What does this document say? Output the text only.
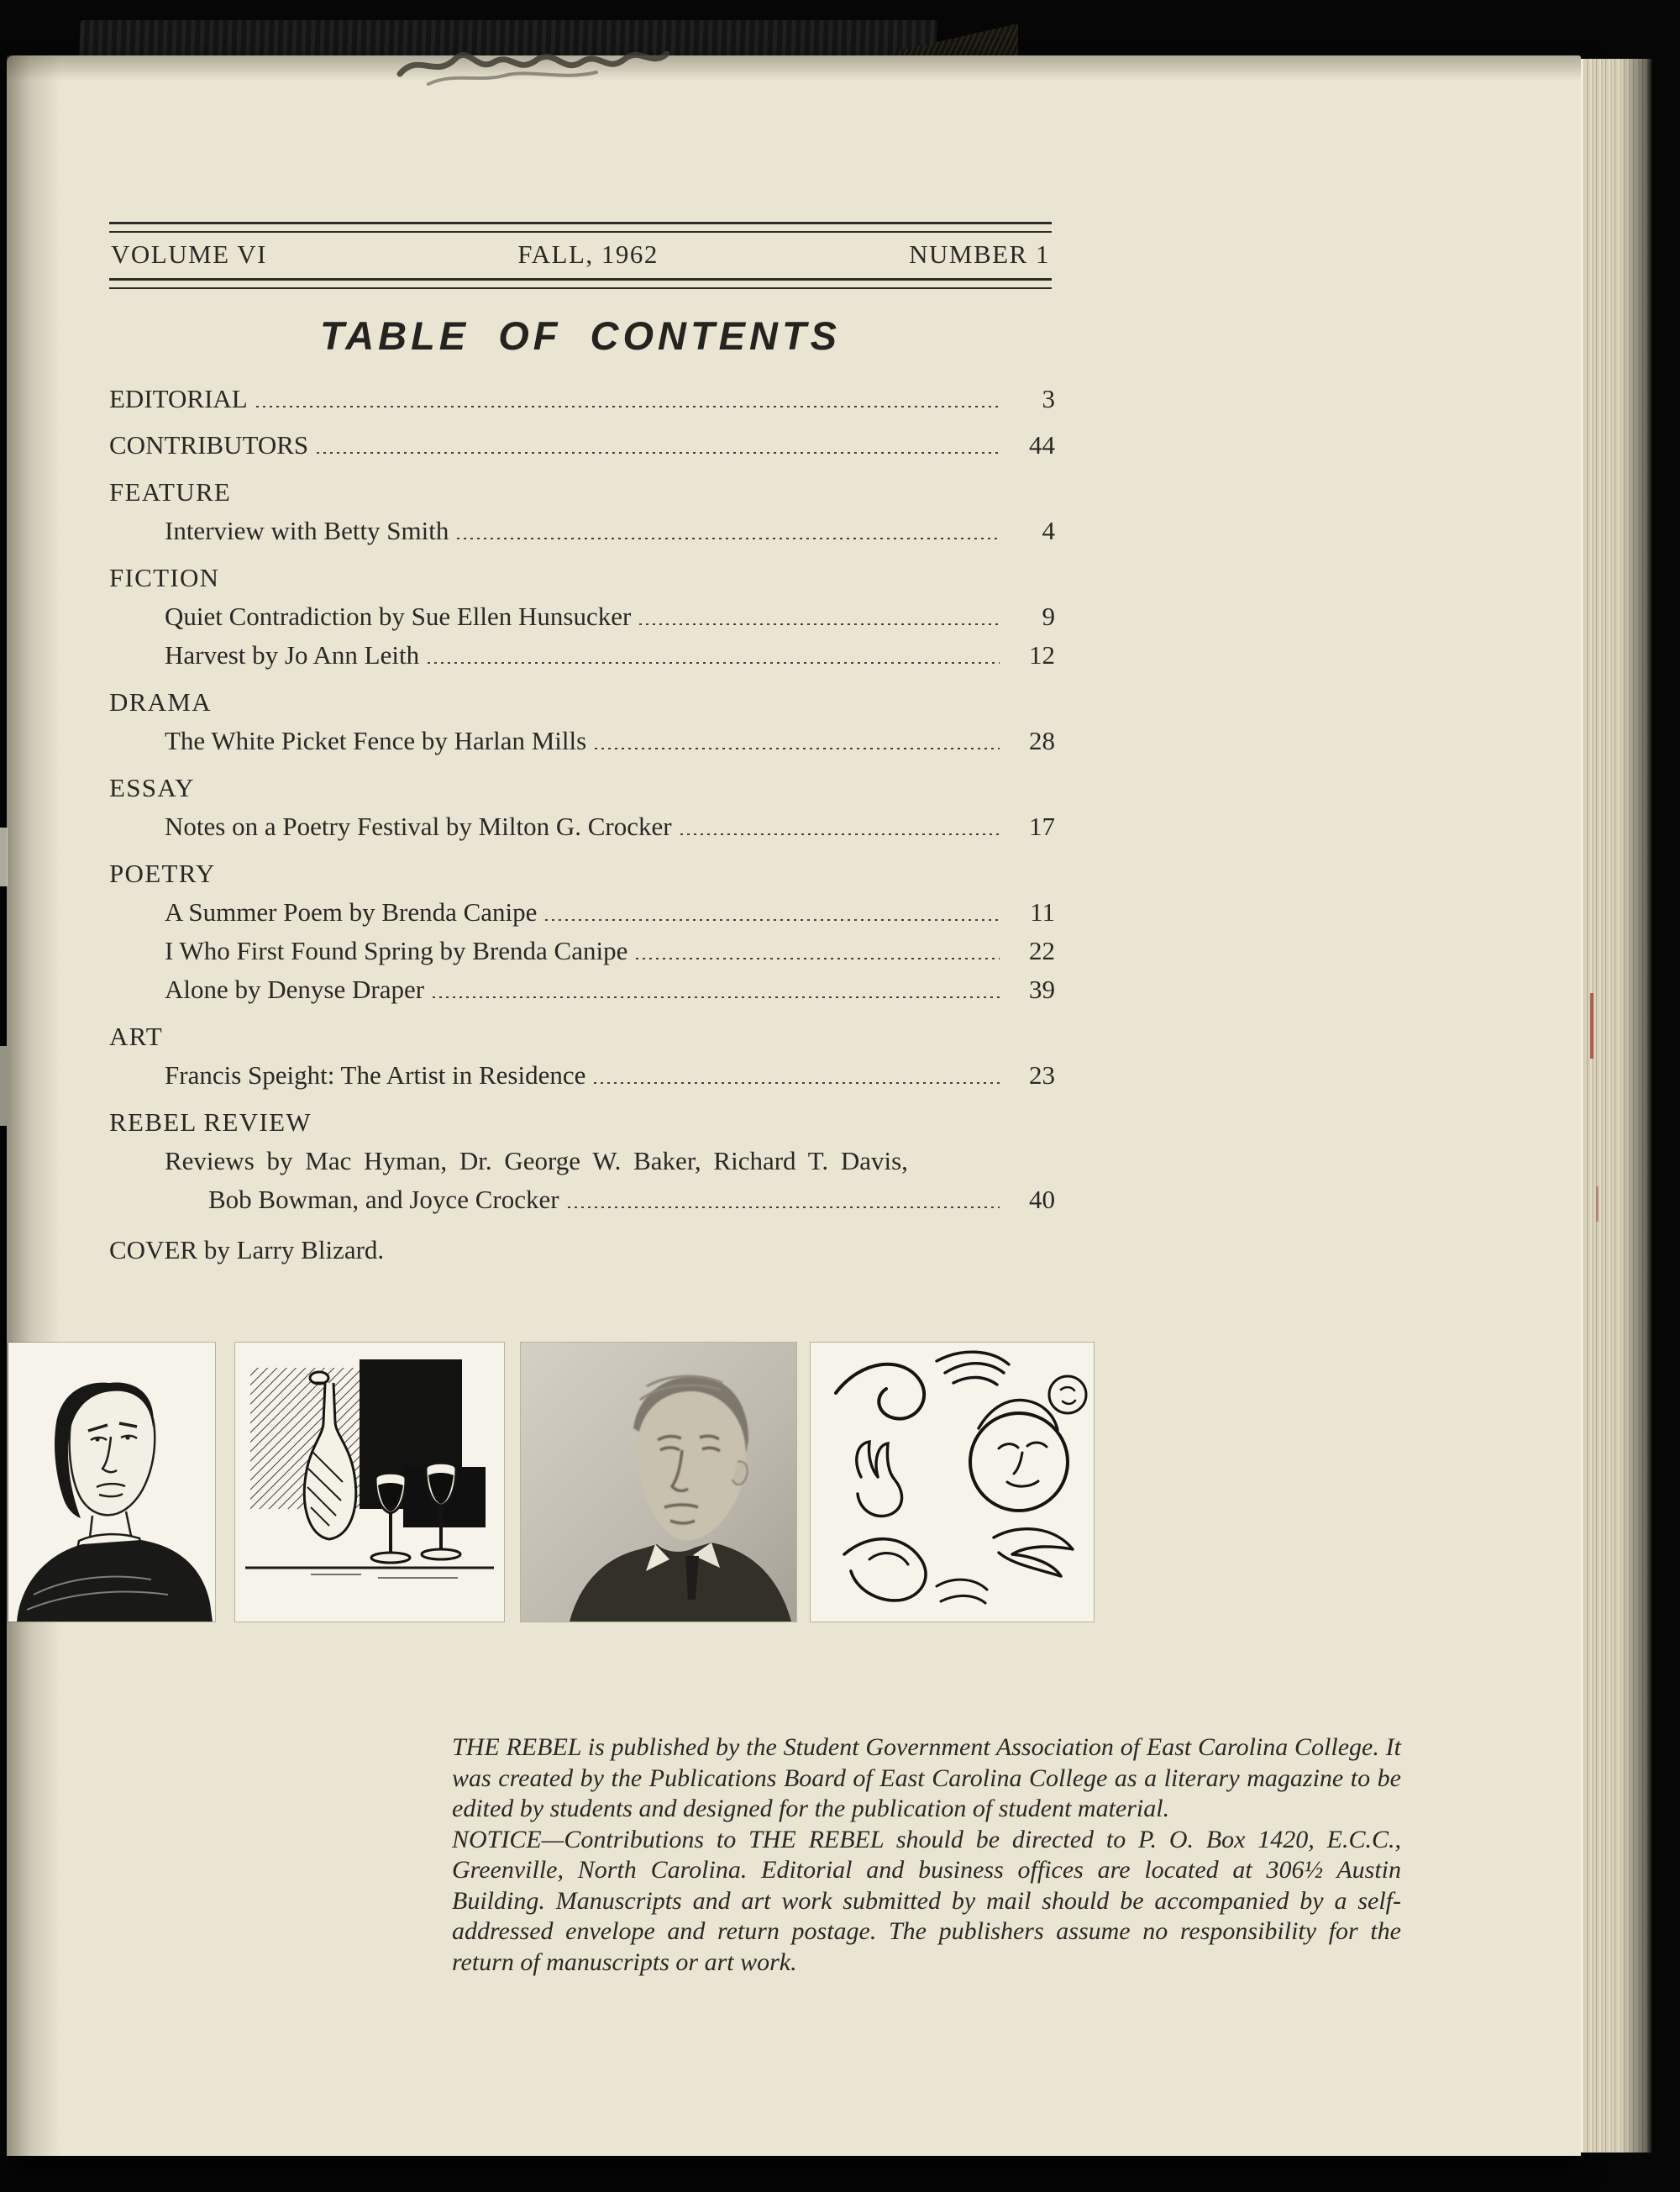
VOLUME VI	FALL, 1962	NUMBER 1
TABLE OF CONTENTS
EDITORIAL	3
CONTRIBUTORS	44
FEATURE
Interview with Betty Smith	4
FICTION
Quiet Contradiction by Sue Ellen Hunsucker	9
Harvest by Jo Ann Leith	12
DRAMA
The White Picket Fence by Harlan Mills	28
ESSAY
Notes on a Poetry Festival by Milton G. Crocker	17
POETRY
A Summer Poem by Brenda Canipe	11
I Who First Found Spring by Brenda Canipe	22
Alone by Denyse Draper	39
ART
Francis Speight: The Artist in Residence	23
REBEL REVIEW
Reviews by Mac Hyman, Dr. George W. Baker, Richard T. Davis,
Bob Bowman, and Joyce Crocker	40
COVER by Larry Blizard.

THE REBEL is published by the Student Government Association of East Carolina College. It was created by the Publications Board of East Carolina College as a literary magazine to be edited by students and designed for the publication of student material.

NOTICE—Contributions to THE REBEL should be directed to P. O. Box 1420, E.C.C., Greenville, North Carolina. Editorial and business offices are located at 306½ Austin Building. Manuscripts and art work submitted by mail should be accompanied by a self-addressed envelope and return postage. The publishers assume no responsibility for the return of manuscripts or art work.
